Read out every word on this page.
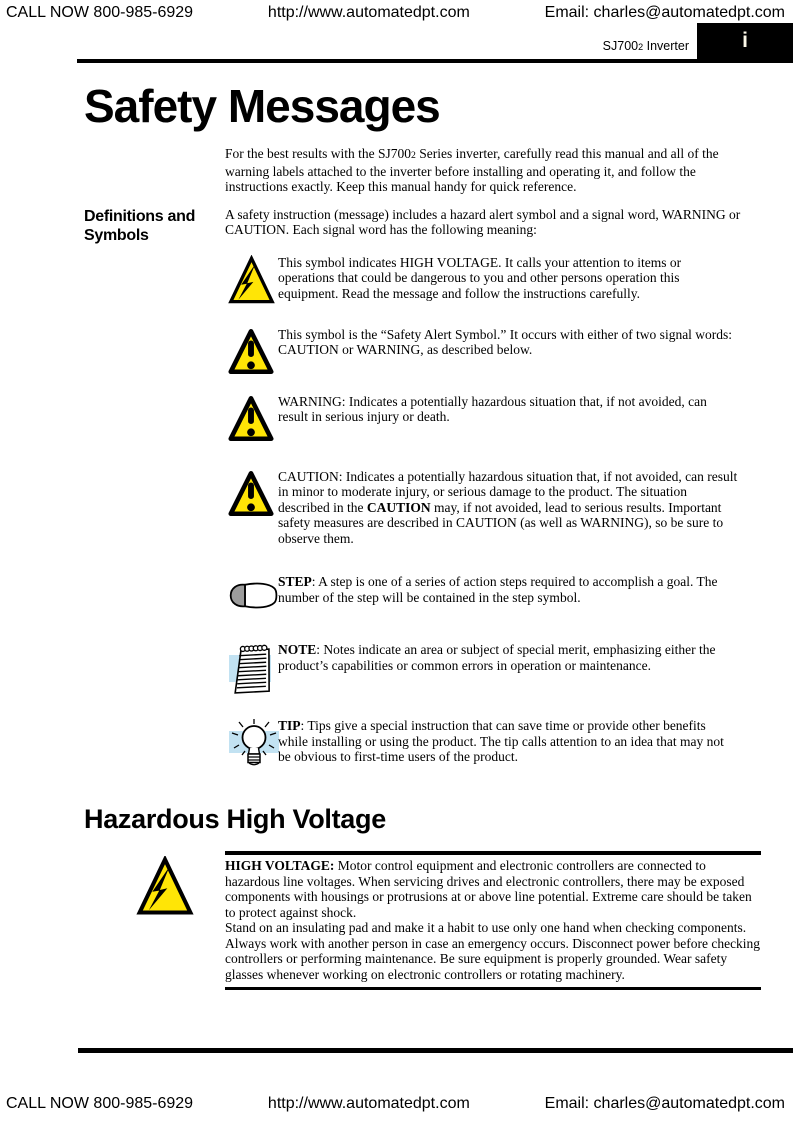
CALL NOW 800-985-6929	http://www.automatedpt.com	Email: charles@automatedpt.com
SJ7002 Inverter	i
Safety Messages

For the best results with the SJ7002 Series inverter, carefully read this manual and all of the warning labels attached to the inverter before installing and operating it, and follow the instructions exactly. Keep this manual handy for quick reference.

Definitions and
Symbols

A safety instruction (message) includes a hazard alert symbol and a signal word, WARNING or CAUTION. Each signal word has the following meaning:

This symbol indicates HIGH VOLTAGE. It calls your attention to items or operations that could be dangerous to you and other persons operation this equipment. Read the message and follow the instructions carefully.

This symbol is the “Safety Alert Symbol.” It occurs with either of two signal words: CAUTION or WARNING, as described below.

WARNING: Indicates a potentially hazardous situation that, if not avoided, can result in serious injury or death.

CAUTION: Indicates a potentially hazardous situation that, if not avoided, can result in minor to moderate injury, or serious damage to the product. The situation described in the CAUTION may, if not avoided, lead to serious results. Important safety measures are described in CAUTION (as well as WARNING), so be sure to observe them.

STEP: A step is one of a series of action steps required to accomplish a goal. The number of the step will be contained in the step symbol.

NOTE: Notes indicate an area or subject of special merit, emphasizing either the product’s capabilities or common errors in operation or maintenance.

TIP: Tips give a special instruction that can save time or provide other benefits while installing or using the product. The tip calls attention to an idea that may not be obvious to first-time users of the product.

Hazardous High Voltage

HIGH VOLTAGE: Motor control equipment and electronic controllers are connected to hazardous line voltages. When servicing drives and electronic controllers, there may be exposed components with housings or protrusions at or above line potential. Extreme care should be taken to protect against shock.

Stand on an insulating pad and make it a habit to use only one hand when checking components. Always work with another person in case an emergency occurs. Disconnect power before checking controllers or performing maintenance. Be sure equipment is properly grounded. Wear safety glasses whenever working on electronic controllers or rotating machinery.

CALL NOW 800-985-6929	http://www.automatedpt.com	Email: charles@automatedpt.com
